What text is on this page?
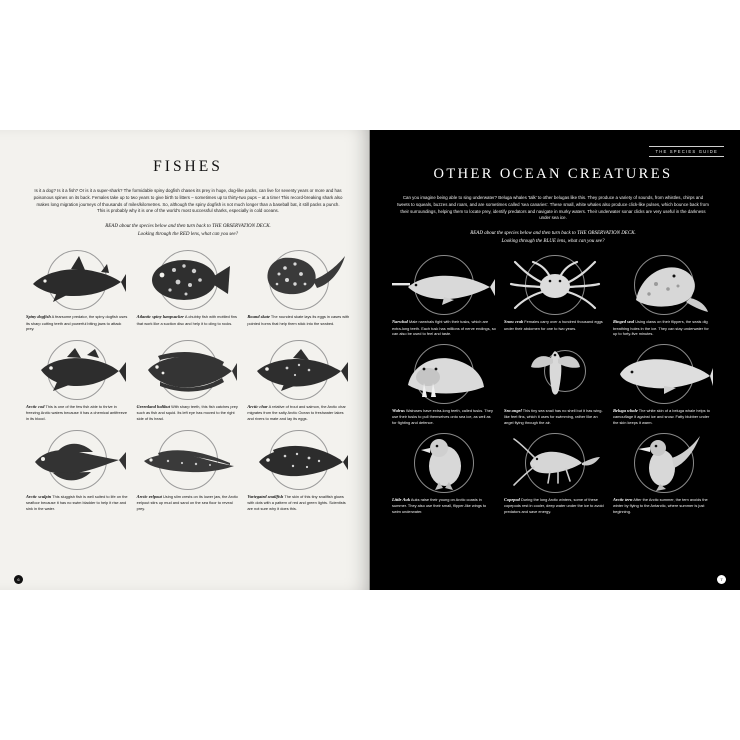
FISHES
Is it a dog? Is it a fish? Or is it a super-shark? The formidable spiny dogfish chases its prey in huge, dog-like packs, can live for seventy years or more and has poisonous spines on its back. Females take up to two years to give birth to litters – sometimes up to thirty-two pups – at a time! This record-breaking shark also makes long migration journeys of thousands of miles/kilometres. So, although the spiny dogfish is not much longer than a baseball bat, it still packs a punch. This is probably why it is one of the world's most successful sharks, especially in cold oceans.
READ about the species below and then turn back to THE OBSERVATION DECK.
Looking through the RED lens, what can you see?
Spiny dogfish A fearsome predator, the spiny dogfish uses its sharp cutting teeth and powerful biting jaws to attack prey.
Atlantic spiny lumpsucker A chubby fish with mottled fins that work like a suction disc and help it to cling to rocks.
Round skate The rounded skate lays its eggs in cases with pointed horns that help them stick into the seabed.
Arctic cod This is one of the few fish able to thrive in freezing Arctic waters because it has a chemical antifreeze in its blood.
Greenland halibut With sharp teeth, this fish catches prey such as fish and squid. Its left eye has moved to the right side of its head.
Arctic char A relative of trout and salmon, the Arctic char migrates from the salty Arctic Ocean to freshwater lakes and rivers to mate and lay its eggs.
Arctic sculpin This sluggish fish is well suited to life on the seafloor because it has no swim bladder to help it rise and sink in the water.
Arctic eelpout Using slim crests on its lower jaw, the Arctic eelpout stirs up mud and sand on the sea floor to reveal prey.
Variegated snailfish The skin of this tiny snailfish glows with dots with a pattern of red and green lights. Scientists are not sure why it does this.
6
THE SPECIES GUIDE
OTHER OCEAN CREATURES
Can you imagine being able to sing underwater? Beluga whales 'talk' to other belugas like this. They produce a variety of sounds, from whistles, chirps and tweets to squeals, buzzes and roars, and are sometimes called 'sea canaries'. These small, white whales also produce click-like pulses, which bounce back from their surroundings, helping them to locate prey, identify predators and navigate in murky waters. Their underwater sonar clicks are very useful in the darkness under sea ice.
READ about the species below and then turn back to THE OBSERVATION DECK.
Looking through the BLUE lens, what can you see?
Narwhal Male narwhals fight with their tusks, which are extra-long teeth. Each tusk has millions of nerve endings, so can also be used to feel and taste.
Snow crab Females carry over a hundred thousand eggs under their abdomen for one to two years.
Ringed seal Using claws on their flippers, the seals dig breathing holes in the ice. They can stay underwater for up to forty-five minutes.
Walrus Walruses have extra-long teeth, called tusks. They use their tusks to pull themselves onto sea ice, as well as for fighting and defence.
Sea angel This tiny sea snail has no shell but it has wing-like feet fins, which it uses for swimming, rather like an angel flying through the air.
Beluga whale The white skin of a beluga whale helps to camouflage it against ice and snow. Fatty blubber under the skin keeps it warm.
Little Auk Auks raise their young on Arctic coasts in summer. They also use their small, flipper-like wings to swim underwater.
Copepod During the long Arctic winters, some of these copepods rest in cooler, deep water under the ice to avoid predators and save energy.
Arctic tern After the Arctic summer, the tern avoids the winter by flying to the Antarctic, where summer is just beginning.
7
